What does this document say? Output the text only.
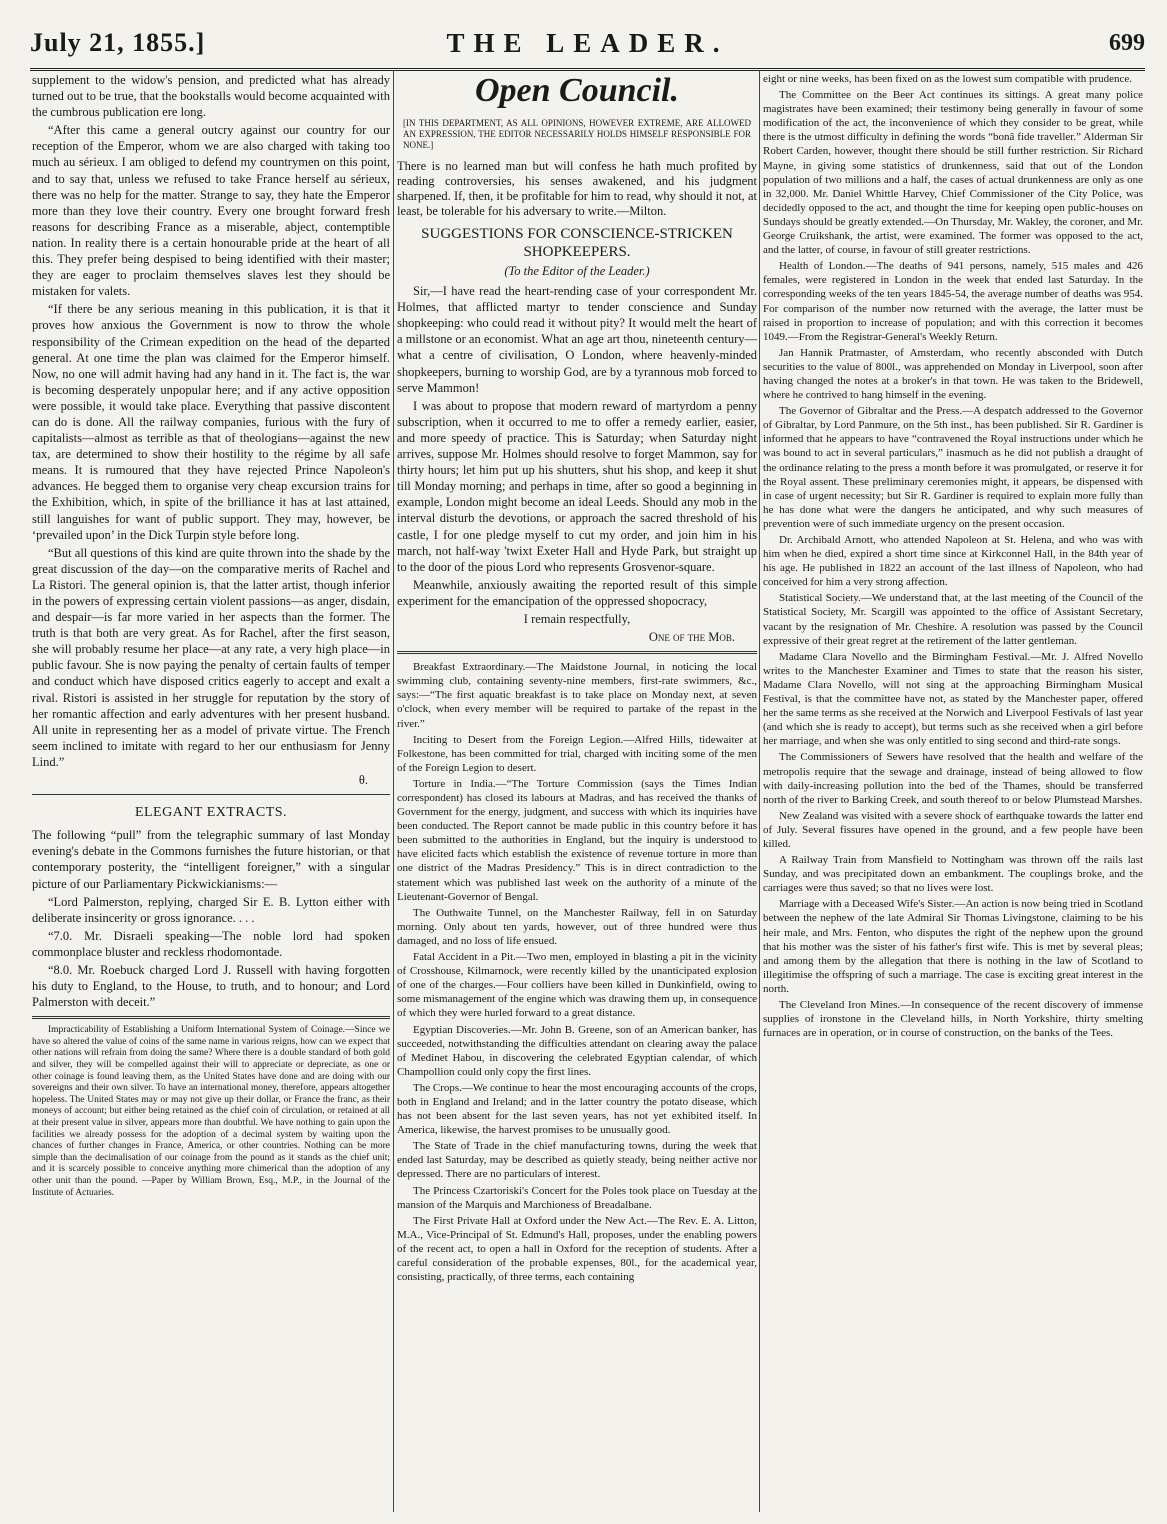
July 21, 1855.]	THE LEADER.	699

supplement to the widow's pension, and predicted what has already turned out to be true, that the bookstalls would become acquainted with the cumbrous publication ere long.

“After this came a general outcry against our country for our reception of the Emperor, whom we are also charged with taking too much au sérieux. I am obliged to defend my countrymen on this point, and to say that, unless we refused to take France herself au sérieux, there was no help for the matter. Strange to say, they hate the Emperor more than they love their country. Every one brought forward fresh reasons for describing France as a miserable, abject, contemptible nation. In reality there is a certain honourable pride at the heart of all this. They prefer being despised to being identified with their master; they are eager to proclaim themselves slaves lest they should be mistaken for valets.

“If there be any serious meaning in this publication, it is that it proves how anxious the Government is now to throw the whole responsibility of the Crimean expedition on the head of the departed general. At one time the plan was claimed for the Emperor himself. Now, no one will admit having had any hand in it. The fact is, the war is becoming desperately unpopular here; and if any active opposition were possible, it would take place. Everything that passive discontent can do is done. All the railway companies, furious with the fury of capitalists—almost as terrible as that of theologians—against the new tax, are determined to show their hostility to the régime by all safe means. It is rumoured that they have rejected Prince Napoleon's advances. He begged them to organise very cheap excursion trains for the Exhibition, which, in spite of the brilliance it has at last attained, still languishes for want of public support. They may, however, be ‘prevailed upon’ in the Dick Turpin style before long.

“But all questions of this kind are quite thrown into the shade by the great discussion of the day—on the comparative merits of Rachel and La Ristori. The general opinion is, that the latter artist, though inferior in the powers of expressing certain violent passions—as anger, disdain, and despair—is far more varied in her aspects than the former. The truth is that both are very great. As for Rachel, after the first season, she will probably resume her place—at any rate, a very high place—in public favour. She is now paying the penalty of certain faults of temper and conduct which have disposed critics eagerly to accept and exalt a rival. Ristori is assisted in her struggle for reputation by the story of her romantic affection and early adventures with her present husband. All unite in representing her as a model of private virtue. The French seem inclined to imitate with regard to her our enthusiasm for Jenny Lind.”

θ.

ELEGANT EXTRACTS.

The following “pull” from the telegraphic summary of last Monday evening's debate in the Commons furnishes the future historian, or that contemporary posterity, the “intelligent foreigner,” with a singular picture of our Parliamentary Pickwickianisms:—

“Lord Palmerston, replying, charged Sir E. B. Lytton either with deliberate insincerity or gross ignorance. . . .

“7.0. Mr. Disraeli speaking—The noble lord had spoken commonplace bluster and reckless rhodomontade.

“8.0. Mr. Roebuck charged Lord J. Russell with having forgotten his duty to England, to the House, to truth, and to honour; and Lord Palmerston with deceit.”

Impracticability of Establishing a Uniform International System of Coinage.—Since we have so altered the value of coins of the same name in various reigns, how can we expect that other nations will refrain from doing the same? Where there is a double standard of both gold and silver, they will be compelled against their will to appreciate or depreciate, as one or other coinage is found leaving them, as the United States have done and are doing with our sovereigns and their own silver. To have an international money, therefore, appears altogether hopeless. The United States may or may not give up their dollar, or France the franc, as their moneys of account; but either being retained as the chief coin of circulation, or retained at all at their present value in silver, appears more than doubtful. We have nothing to gain upon the facilities we already possess for the adoption of a decimal system by waiting upon the chances of further changes in France, America, or other countries. Nothing can be more simple than the decimalisation of our coinage from the pound as it stands as the chief unit; and it is scarcely possible to conceive anything more chimerical than the adoption of any other unit than the pound. —Paper by William Brown, Esq., M.P., in the Journal of the Institute of Actuaries.

Open Council.

[IN THIS DEPARTMENT, AS ALL OPINIONS, HOWEVER EXTREME, ARE ALLOWED AN EXPRESSION, THE EDITOR NECESSARILY HOLDS HIMSELF RESPONSIBLE FOR NONE.]

There is no learned man but will confess he hath much profited by reading controversies, his senses awakened, and his judgment sharpened. If, then, it be profitable for him to read, why should it not, at least, be tolerable for his adversary to write.—Milton.

SUGGESTIONS FOR CONSCIENCE-STRICKEN SHOPKEEPERS.
(To the Editor of the Leader.)

Sir,—I have read the heart-rending case of your correspondent Mr. Holmes, that afflicted martyr to tender conscience and Sunday shopkeeping: who could read it without pity? It would melt the heart of a millstone or an economist. What an age art thou, nineteenth century—what a centre of civilisation, O London, where heavenly-minded shopkeepers, burning to worship God, are by a tyrannous mob forced to serve Mammon!

I was about to propose that modern reward of martyrdom a penny subscription, when it occurred to me to offer a remedy earlier, easier, and more speedy of practice. This is Saturday; when Saturday night arrives, suppose Mr. Holmes should resolve to forget Mammon, say for thirty hours; let him put up his shutters, shut his shop, and keep it shut till Monday morning; and perhaps in time, after so good a beginning in example, London might become an ideal Leeds. Should any mob in the interval disturb the devotions, or approach the sacred threshold of his castle, I for one pledge myself to cut my order, and join him in his march, not half-way 'twixt Exeter Hall and Hyde Park, but straight up to the door of the pious Lord who represents Grosvenor-square.

Meanwhile, anxiously awaiting the reported result of this simple experiment for the emancipation of the oppressed shopocracy,

I remain respectfully,

One of the Mob.

Breakfast Extraordinary.—The Maidstone Journal, in noticing the local swimming club, containing seventy-nine members, first-rate swimmers, &c., says:—“The first aquatic breakfast is to take place on Monday next, at seven o'clock, when every member will be required to partake of the repast in the river.”

Inciting to Desert from the Foreign Legion.—Alfred Hills, tidewaiter at Folkestone, has been committed for trial, charged with inciting some of the men of the Foreign Legion to desert.

Torture in India.—“The Torture Commission (says the Times Indian correspondent) has closed its labours at Madras, and has received the thanks of Government for the energy, judgment, and success with which its inquiries have been conducted. The Report cannot be made public in this country before it has been submitted to the authorities in England, but the inquiry is understood to have elicited facts which establish the existence of revenue torture in more than one district of the Madras Presidency.” This is in direct contradiction to the statement which was published last week on the authority of a minute of the Lieutenant-Governor of Bengal.

The Outhwaite Tunnel, on the Manchester Railway, fell in on Saturday morning. Only about ten yards, however, out of three hundred were thus damaged, and no loss of life ensued.

Fatal Accident in a Pit.—Two men, employed in blasting a pit in the vicinity of Crosshouse, Kilmarnock, were recently killed by the unanticipated explosion of one of the charges.—Four colliers have been killed in Dunkinfield, owing to some mismanagement of the engine which was drawing them up, in consequence of which they were hurled forward to a great distance.

Egyptian Discoveries.—Mr. John B. Greene, son of an American banker, has succeeded, notwithstanding the difficulties attendant on clearing away the palace of Medinet Habou, in discovering the celebrated Egyptian calendar, of which Champollion could only copy the first lines.

The Crops.—We continue to hear the most encouraging accounts of the crops, both in England and Ireland; and in the latter country the potato disease, which has not been absent for the last seven years, has not yet exhibited itself. In America, likewise, the harvest promises to be unusually good.

The State of Trade in the chief manufacturing towns, during the week that ended last Saturday, may be described as quietly steady, being neither active nor depressed. There are no particulars of interest.

The Princess Czartoriski's Concert for the Poles took place on Tuesday at the mansion of the Marquis and Marchioness of Breadalbane.

The First Private Hall at Oxford under the New Act.—The Rev. E. A. Litton, M.A., Vice-Principal of St. Edmund's Hall, proposes, under the enabling powers of the recent act, to open a hall in Oxford for the reception of students. After a careful consideration of the probable expenses, 80l., for the academical year, consisting, practically, of three terms, each containing

eight or nine weeks, has been fixed on as the lowest sum compatible with prudence.

The Committee on the Beer Act continues its sittings. A great many police magistrates have been examined; their testimony being generally in favour of some modification of the act, the inconvenience of which they consider to be great, while there is the utmost difficulty in defining the words “bonâ fide traveller.” Alderman Sir Robert Carden, however, thought there should be still further restriction. Sir Richard Mayne, in giving some statistics of drunkenness, said that out of the London population of two millions and a half, the cases of actual drunkenness are only as one in 32,000. Mr. Daniel Whittle Harvey, Chief Commissioner of the City Police, was decidedly opposed to the act, and thought the time for keeping open public-houses on Sundays should be greatly extended.—On Thursday, Mr. Wakley, the coroner, and Mr. George Cruikshank, the artist, were examined. The former was opposed to the act, and the latter, of course, in favour of still greater restrictions.

Health of London.—The deaths of 941 persons, namely, 515 males and 426 females, were registered in London in the week that ended last Saturday. In the corresponding weeks of the ten years 1845-54, the average number of deaths was 954. For comparison of the number now returned with the average, the latter must be raised in proportion to increase of population; and with this correction it becomes 1049.—From the Registrar-General's Weekly Return.

Jan Hannik Pratmaster, of Amsterdam, who recently absconded with Dutch securities to the value of 800l., was apprehended on Monday in Liverpool, soon after having changed the notes at a broker's in that town. He was taken to the Bridewell, where he contrived to hang himself in the evening.

The Governor of Gibraltar and the Press.—A despatch addressed to the Governor of Gibraltar, by Lord Panmure, on the 5th inst., has been published. Sir R. Gardiner is informed that he appears to have “contravened the Royal instructions under which he was bound to act in several particulars,” inasmuch as he did not publish a draught of the ordinance relating to the press a month before it was promulgated, or reserve it for the Royal assent. These preliminary ceremonies might, it appears, be dispensed with in case of urgent necessity; but Sir R. Gardiner is required to explain more fully than he has done what were the dangers he anticipated, and why such measures of prevention were of such immediate urgency on the present occasion.

Dr. Archibald Arnott, who attended Napoleon at St. Helena, and who was with him when he died, expired a short time since at Kirkconnel Hall, in the 84th year of his age. He published in 1822 an account of the last illness of Napoleon, who had conceived for him a very strong affection.

Statistical Society.—We understand that, at the last meeting of the Council of the Statistical Society, Mr. Scargill was appointed to the office of Assistant Secretary, vacant by the resignation of Mr. Cheshire. A resolution was passed by the Council expressive of their great regret at the retirement of the latter gentleman.

Madame Clara Novello and the Birmingham Festival.—Mr. J. Alfred Novello writes to the Manchester Examiner and Times to state that the reason his sister, Madame Clara Novello, will not sing at the approaching Birmingham Musical Festival, is that the committee have not, as stated by the Manchester paper, offered her the same terms as she received at the Norwich and Liverpool Festivals of last year (and which she is ready to accept), but terms such as she received when a girl before her marriage, and when she was only entitled to sing second and third-rate songs.

The Commissioners of Sewers have resolved that the health and welfare of the metropolis require that the sewage and drainage, instead of being allowed to flow with daily-increasing pollution into the bed of the Thames, should be transferred north of the river to Barking Creek, and south thereof to or below Plumstead Marshes.

New Zealand was visited with a severe shock of earthquake towards the latter end of July. Several fissures have opened in the ground, and a few people have been killed.

A Railway Train from Mansfield to Nottingham was thrown off the rails last Sunday, and was precipitated down an embankment. The couplings broke, and the carriages were thus saved; so that no lives were lost.

Marriage with a Deceased Wife's Sister.—An action is now being tried in Scotland between the nephew of the late Admiral Sir Thomas Livingstone, claiming to be his heir male, and Mrs. Fenton, who disputes the right of the nephew upon the ground that his mother was the sister of his father's first wife. This is met by several pleas; and among them by the allegation that there is nothing in the law of Scotland to illegitimise the offspring of such a marriage. The case is exciting great interest in the north.

The Cleveland Iron Mines.—In consequence of the recent discovery of immense supplies of ironstone in the Cleveland hills, in North Yorkshire, thirty smelting furnaces are in operation, or in course of construction, on the banks of the Tees.
